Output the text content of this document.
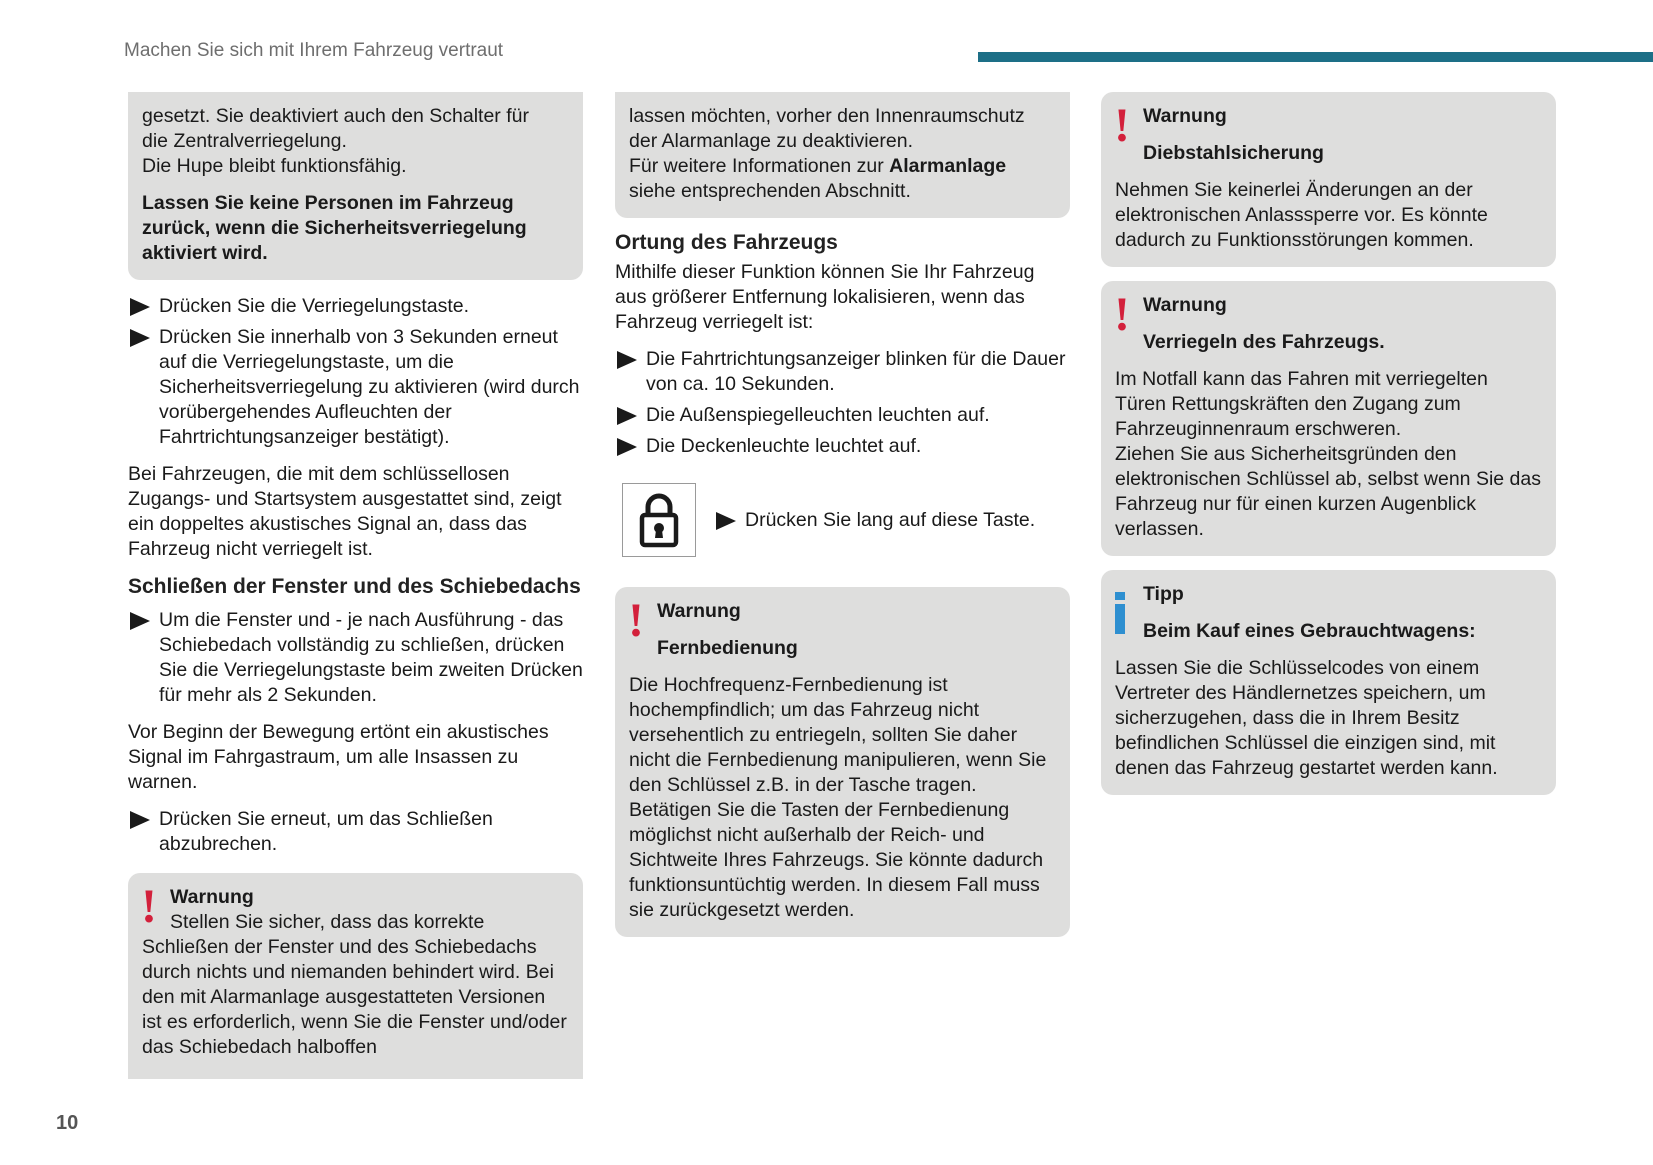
Machen Sie sich mit Ihrem Fahrzeug vertraut
gesetzt. Sie deaktiviert auch den Schalter für
die Zentralverriegelung.
Die Hupe bleibt funktionsfähig.

Lassen Sie keine Personen im Fahrzeug zurück, wenn die Sicherheitsverriegelung aktiviert wird.

Drücken Sie die Verriegelungstaste.
Drücken Sie innerhalb von 3 Sekunden erneut auf die Verriegelungstaste, um die Sicherheitsverriegelung zu aktivieren (wird durch vorübergehendes Aufleuchten der Fahrtrichtungsanzeiger bestätigt).

Bei Fahrzeugen, die mit dem schlüssellosen Zugangs- und Startsystem ausgestattet sind, zeigt ein doppeltes akustisches Signal an, dass das Fahrzeug nicht verriegelt ist.

Schließen der Fenster und des Schiebedachs
Um die Fenster und - je nach Ausführung - das Schiebedach vollständig zu schließen, drücken Sie die Verriegelungstaste beim zweiten Drücken für mehr als 2 Sekunden.

Vor Beginn der Bewegung ertönt ein akustisches Signal im Fahrgastraum, um alle Insassen zu warnen.

Drücken Sie erneut, um das Schließen abzubrechen.
! Warnung
Stellen Sie sicher, dass das korrekte Schließen der Fenster und des Schiebedachs durch nichts und niemanden behindert wird. Bei den mit Alarmanlage ausgestatteten Versionen ist es erforderlich, wenn Sie die Fenster und/oder das Schiebedach halboffen
lassen möchten, vorher den Innenraumschutz
der Alarmanlage zu deaktivieren.
Für weitere Informationen zur Alarmanlage
siehe entsprechenden Abschnitt.
Ortung des Fahrzeugs

Mithilfe dieser Funktion können Sie Ihr Fahrzeug aus größerer Entfernung lokalisieren, wenn das Fahrzeug verriegelt ist:

Die Fahrtrichtungsanzeiger blinken für die Dauer von ca. 10 Sekunden.
Die Außenspiegelleuchten leuchten auf.
Die Deckenleuchte leuchtet auf.
Drücken Sie lang auf diese Taste.
! Warnung
Fernbedienung

Die Hochfrequenz-Fernbedienung ist hochempfindlich; um das Fahrzeug nicht versehentlich zu entriegeln, sollten Sie daher nicht die Fernbedienung manipulieren, wenn Sie den Schlüssel z.B. in der Tasche tragen. Betätigen Sie die Tasten der Fernbedienung möglichst nicht außerhalb der Reich- und Sichtweite Ihres Fahrzeugs. Sie könnte dadurch funktionsuntüchtig werden. In diesem Fall muss sie zurückgesetzt werden.

! Warnung
Diebstahlsicherung

Nehmen Sie keinerlei Änderungen an der elektronischen Anlasssperre vor. Es könnte dadurch zu Funktionsstörungen kommen.

! Warnung
Verriegeln des Fahrzeugs.
Im Notfall kann das Fahren mit verriegelten Türen Rettungskräften den Zugang zum Fahrzeuginnenraum erschweren.
Ziehen Sie aus Sicherheitsgründen den elektronischen Schlüssel ab, selbst wenn Sie das Fahrzeug nur für einen kurzen Augenblick verlassen.
Tipp
Beim Kauf eines Gebrauchtwagens:

Lassen Sie die Schlüsselcodes von einem Vertreter des Händlernetzes speichern, um sicherzugehen, dass die in Ihrem Besitz befindlichen Schlüssel die einzigen sind, mit denen das Fahrzeug gestartet werden kann.

10
